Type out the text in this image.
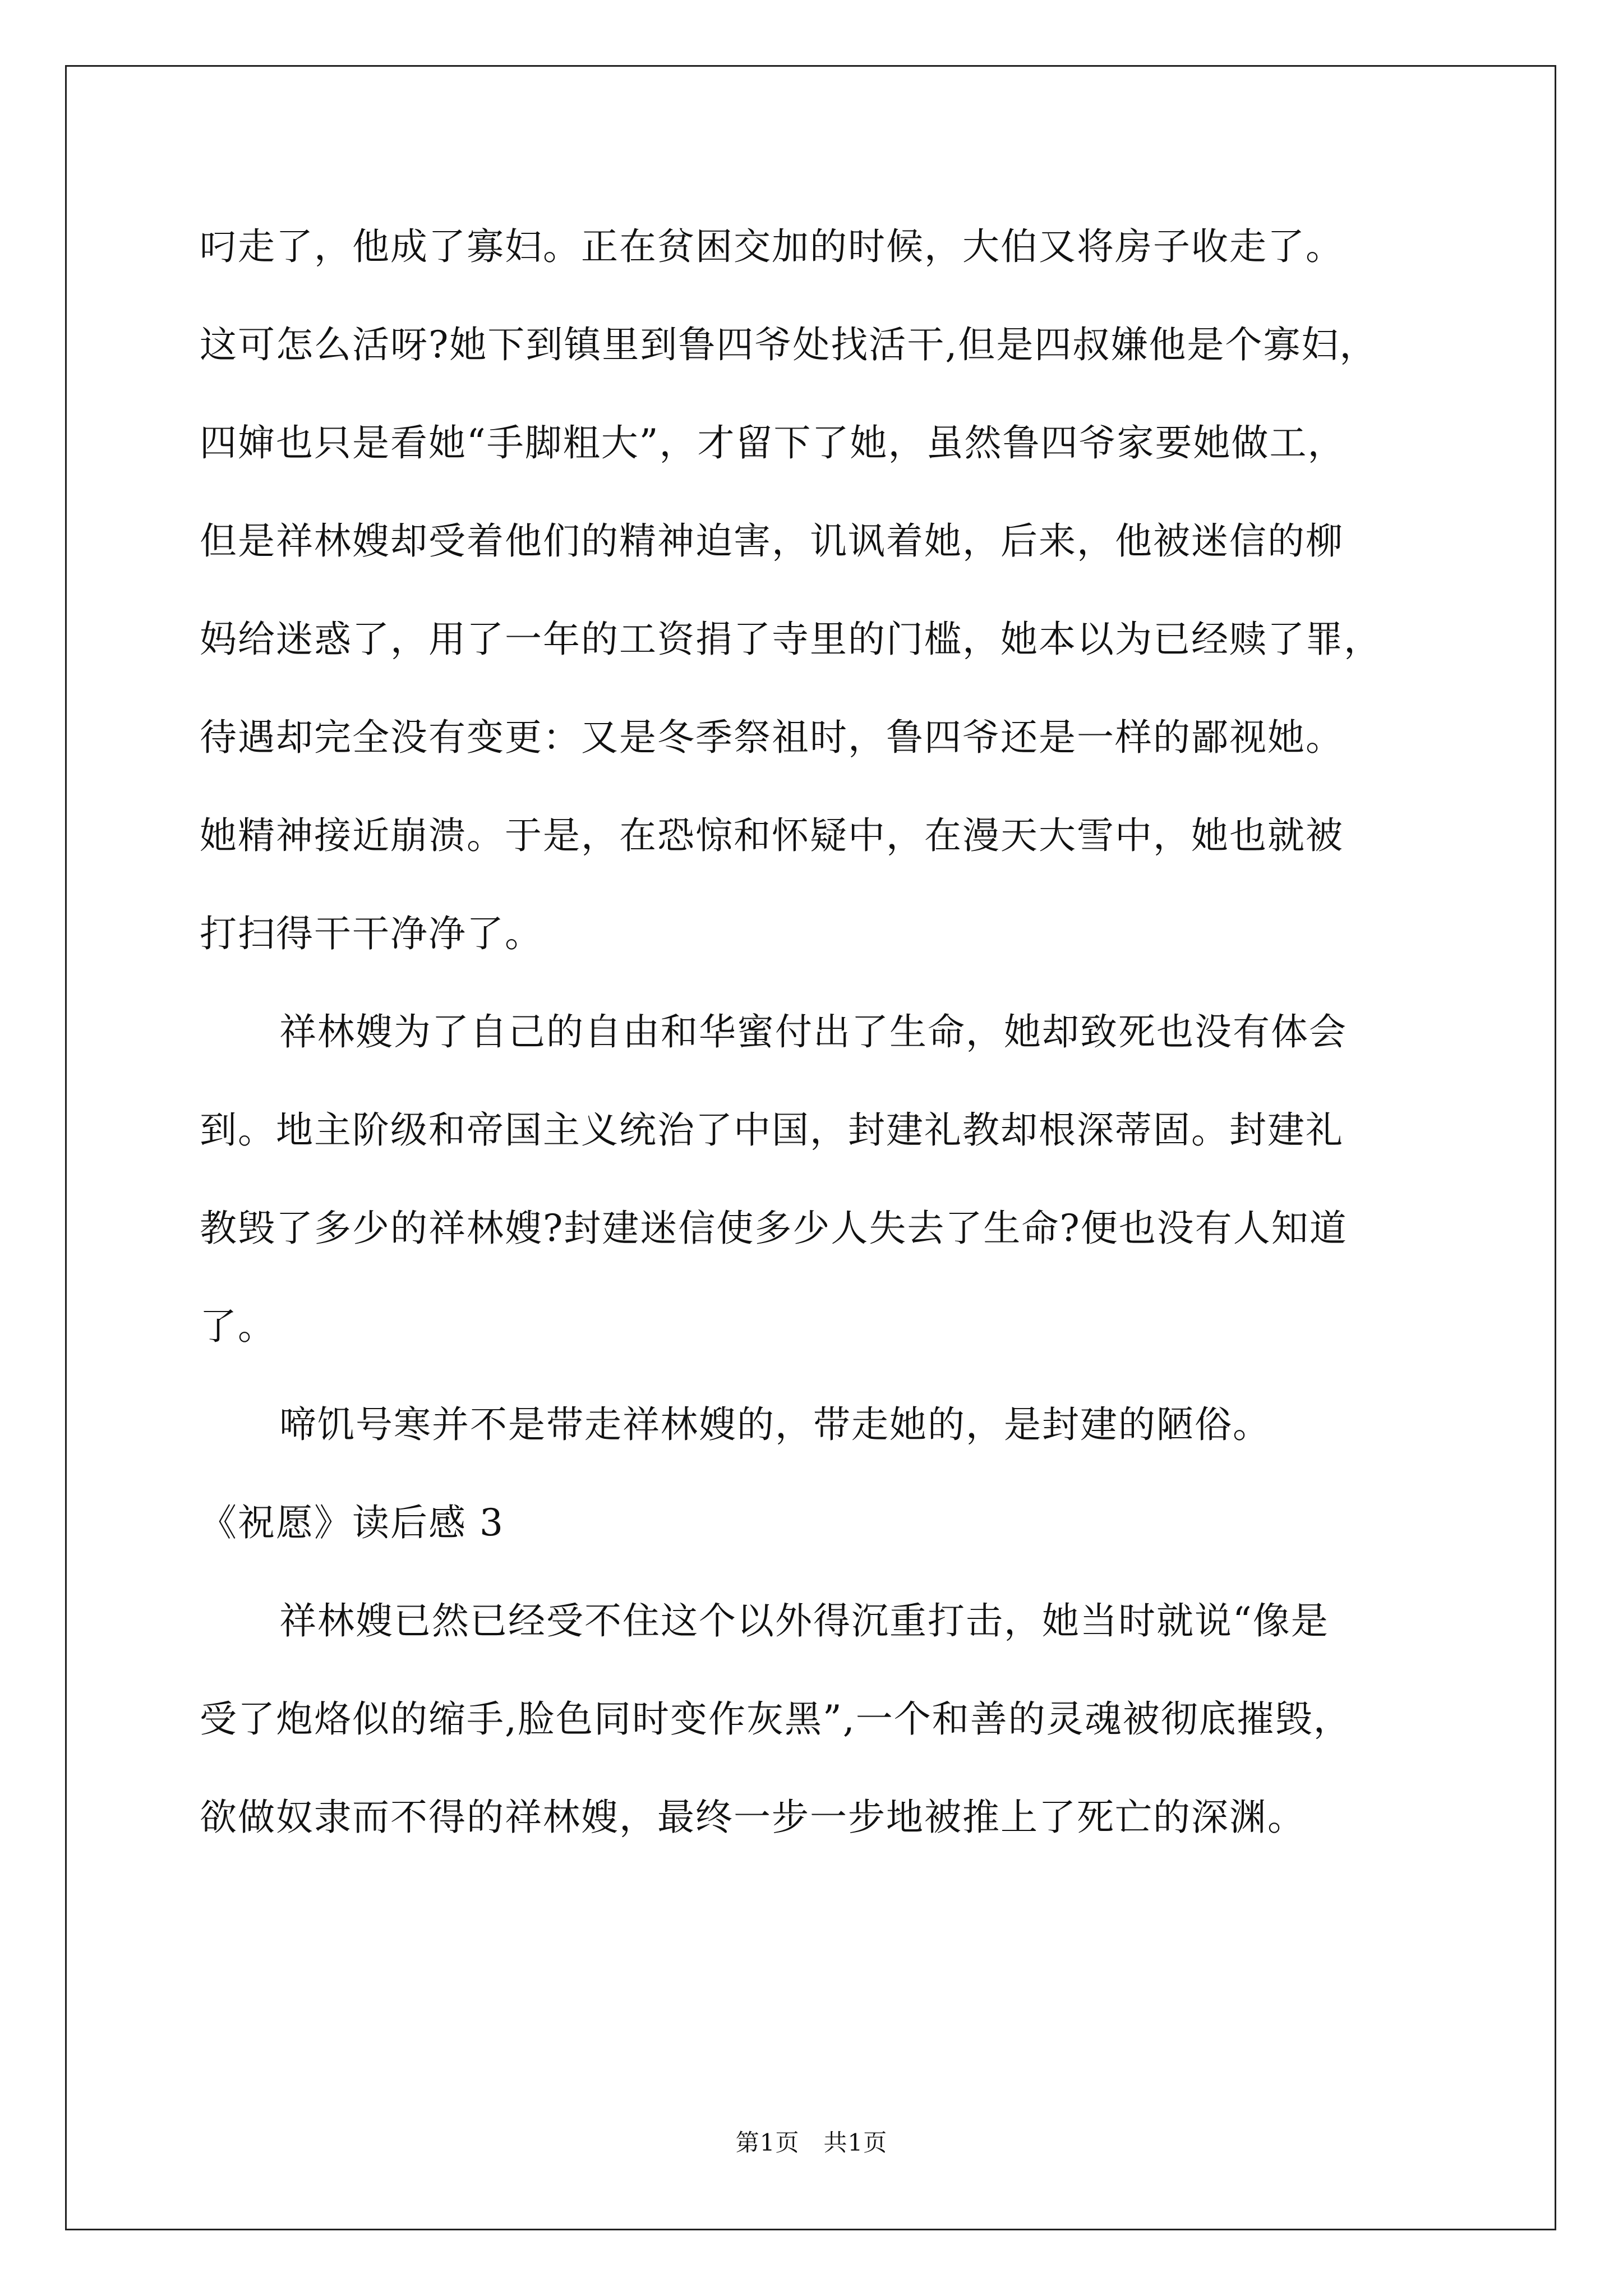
叼走了，他成了寡妇。正在贫困交加的时候，大伯又将房子收走了。
这可怎么活呀?她下到镇里到鲁四爷处找活干,但是四叔嫌他是个寡妇，
四婶也只是看她“手脚粗大”，才留下了她，虽然鲁四爷家要她做工，
但是祥林嫂却受着他们的精神迫害，讥讽着她，后来，他被迷信的柳
妈给迷惑了，用了一年的工资捐了寺里的门槛，她本以为已经赎了罪，
待遇却完全没有变更：又是冬季祭祖时，鲁四爷还是一样的鄙视她。
她精神接近崩溃。于是，在恐惊和怀疑中，在漫天大雪中，她也就被
打扫得干干净净了。
祥林嫂为了自己的自由和华蜜付出了生命，她却致死也没有体会
到。地主阶级和帝国主义统治了中国，封建礼教却根深蒂固。封建礼
教毁了多少的祥林嫂?封建迷信使多少人失去了生命?便也没有人知道
了。
啼饥号寒并不是带走祥林嫂的，带走她的，是封建的陋俗。
《祝愿》读后感 3
祥林嫂已然已经受不住这个以外得沉重打击，她当时就说“像是
受了炮烙似的缩手,脸色同时变作灰黑”,一个和善的灵魂被彻底摧毁，
欲做奴隶而不得的祥林嫂，最终一步一步地被推上了死亡的深渊。
第1页　共1页
